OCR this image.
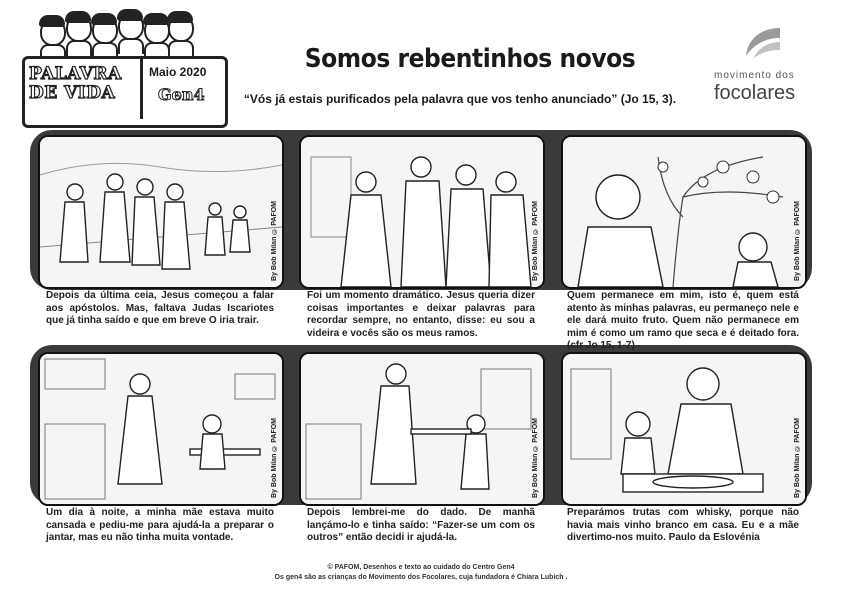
PALAVRA
DE VIDA
Maio 2020
Gen4
Somos rebentinhos novos
“Vós já estais purificados pela palavra que vos tenho anunciado” (Jo 15, 3).
movimento dos
focolares
By Bob Milan © PAFOM	By Bob Milan © PAFOM	By Bob Milan © PAFOM
By Bob Milan © PAFOM	By Bob Milan © PAFOM	By Bob Milan © PAFOM
Depois da última ceia, Jesus começou a falar aos apóstolos. Mas, faltava Judas Iscariotes que já tinha saído e que em breve O iria trair.
Foi um momento dramático. Jesus queria dizer coisas importantes e deixar palavras para recordar sempre, no entanto, disse: eu sou a videira e vocês são os meus ramos.
Quem permanece em mim, isto é, quem está atento às minhas palavras, eu permaneço nele e ele dará muito fruto. Quem não permanece em mim é como um ramo que seca e é deitado fora. (cfr Jo 15, 1-7)
Um dia à noite, a minha mãe estava muito cansada e pediu-me para ajudá-la a preparar o jantar, mas eu não tinha muita vontade.
Depois lembrei-me do dado. De manhã lançámo-lo e tinha saído: “Fazer-se um com os outros” então decidi ir ajudá-la.
Preparámos trutas com whisky, porque não havia mais vinho branco em casa. Eu e a mãe divertimo-nos muito. Paulo da Eslovénia
© PAFOM, Desenhos e texto ao cuidado do Centro Gen4
Os gen4 são as crianças do Movimento dos Focolares, cuja fundadora é Chiara Lubich .
